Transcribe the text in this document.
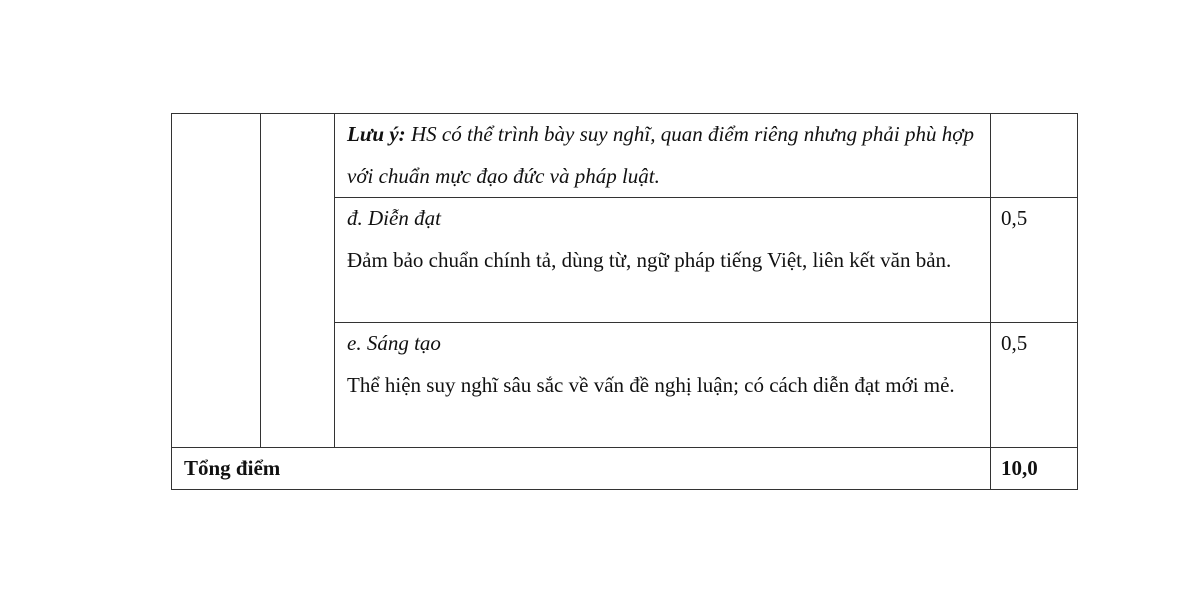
		Lưu ý: HS có thể trình bày suy nghĩ, quan điểm riêng nhưng phải phù hợp với chuẩn mực đạo đức và pháp luật.	

		đ. Diễn đạt

Đảm bảo chuẩn chính tả, dùng từ, ngữ pháp tiếng Việt, liên kết văn bản.	0,5

		e. Sáng tạo

Thể hiện suy nghĩ sâu sắc về vấn đề nghị luận; có cách diễn đạt mới mẻ.	0,5

Tổng điểm			10,0
